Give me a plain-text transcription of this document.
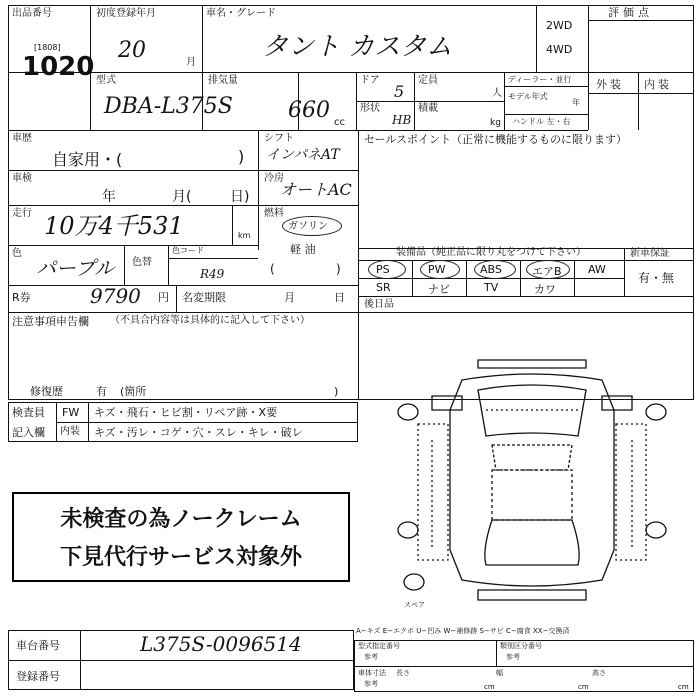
出品番号
[1808]
1020
初度登録年月
20	月
車名・グレード
タント カスタム
2WD
4WD
評価点
型式
DBA-L375S
排気量
660 cc
ドア
5
形状
HB
定員
人
積載
kg
ディーラー・並行
モデル年式
年
ハンドル 左・右
外装 内装
車歴
自家用・(	)
車検
年	月(	日)
走行 10万4千531	km
色
パープル 色替
色コード
R49
R券	9790 円 名変期限	月	日
シフト
インパネAT
冷房
オートAC
燃料
ガソリン
軽 油
(	)
セールスポイント（正常に機能するものに限ります）
装備品（純正品に限り丸をつけて下さい）	新車保証
有・無
PS	PW	ABS	エアB AW
SR	ナビ	TV	カワ
後日品
注意事項申告欄 （不具合内容等は具体的に記入して下さい）
修復歴	有 (箇所	)
検査員
記入欄
FW キズ・飛石・ヒビ割・リペア跡・X要
内装 キズ・汚レ・コゲ・穴・スレ・キレ・破レ
未検査の為ノークレーム
下見代行サービス対象外
スペア
A−キズ E−エクボ U−凹み W−補修跡 S−サビ C−腐食 XX−交換済
車台番号	L375S-0096514
登録番号
型式指定番号
参考
類別区分番号
参考
車体寸法
参考
長さ
cm
幅
cm
高さ
cm
